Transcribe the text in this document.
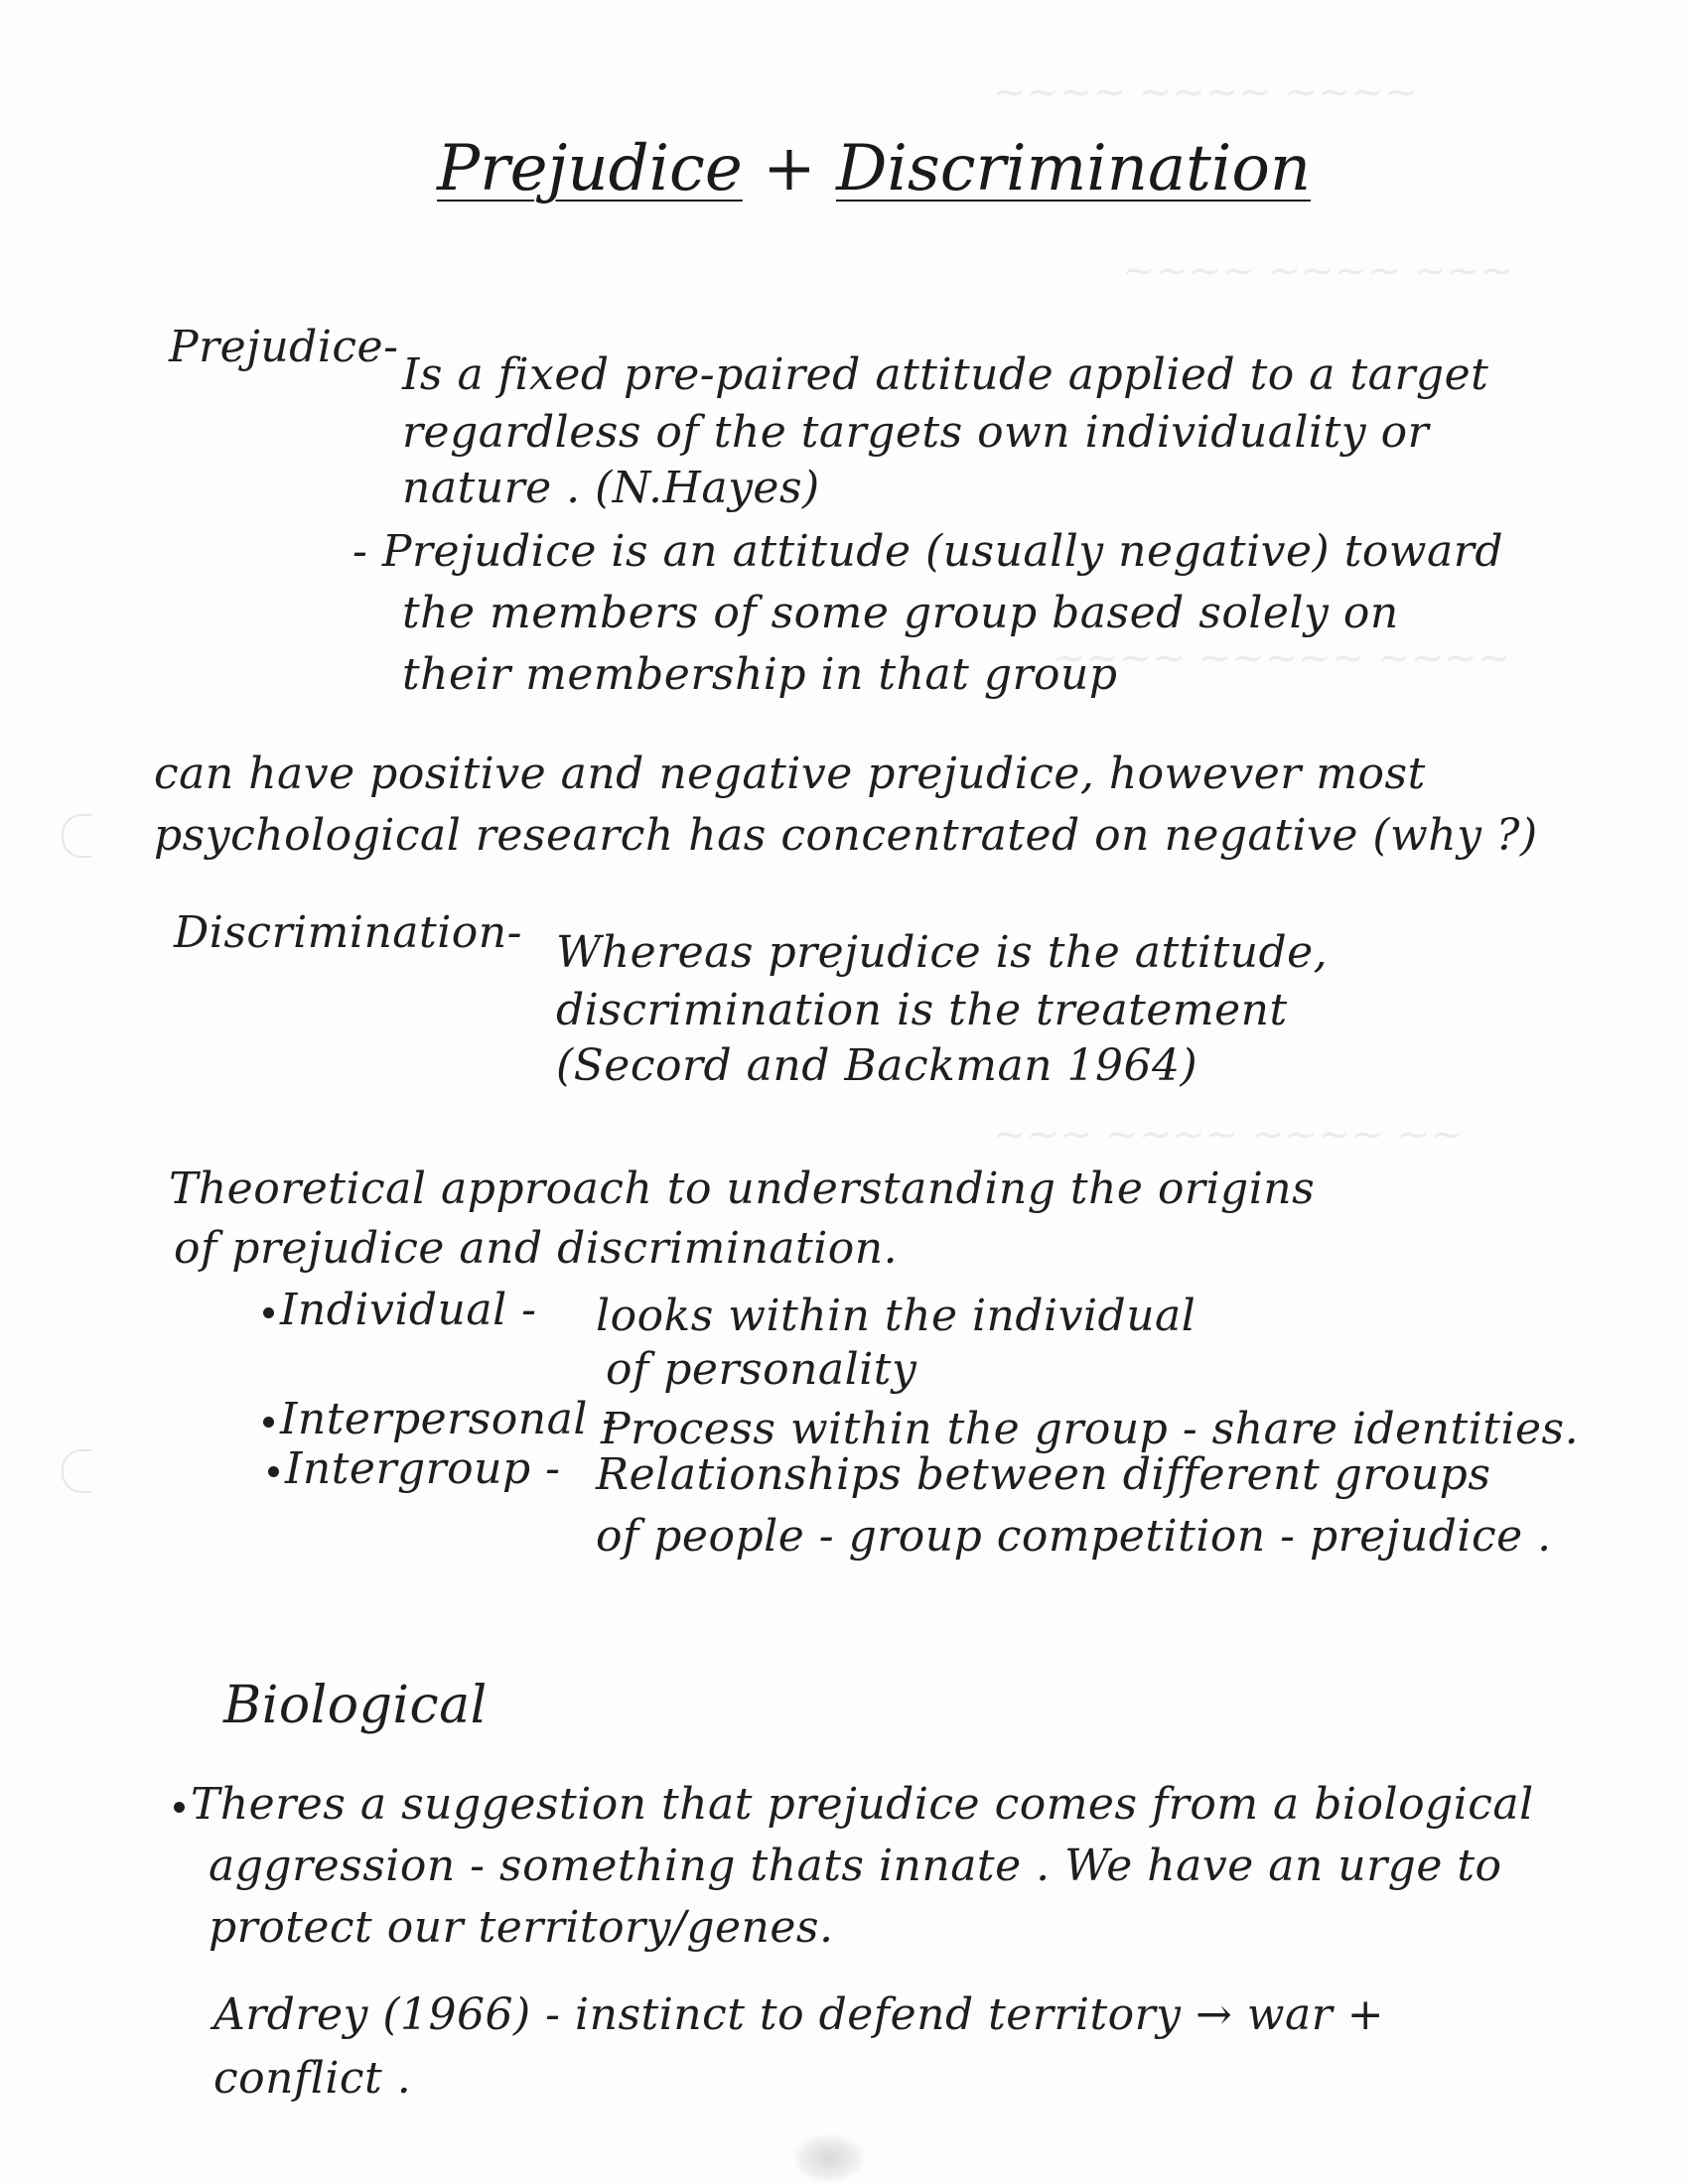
~~~~ ~~~~ ~~~~
~~~~ ~~~~ ~~~
~~~~ ~~~~~ ~~~~
~~~ ~~~~ ~~~~ ~~
Prejudice + Discrimination
Prejudice-
Is a fixed pre-paired attitude applied to a target
regardless of the targets own individuality or
nature . (N.Hayes)
- Prejudice is an attitude (usually negative) toward
the members of some group based solely on
their membership in that group
can have positive and negative prejudice, however most
psychological research has concentrated on negative (why ?)
Discrimination- Whereas prejudice is the attitude,
discrimination is the treatement
(Secord and Backman 1964)
Theoretical approach to understanding the origins
of prejudice and discrimination.
Individual - looks within the individual
of personality
Interpersonal -
Process within the group - share identities.
Intergroup - Relationships between different groups
of people - group competition - prejudice .
Biological
Theres a suggestion that prejudice comes from a biological
aggression - something thats innate . We have an urge to
protect our territory/genes.
Ardrey (1966) - instinct to defend territory → war +
conflict .
